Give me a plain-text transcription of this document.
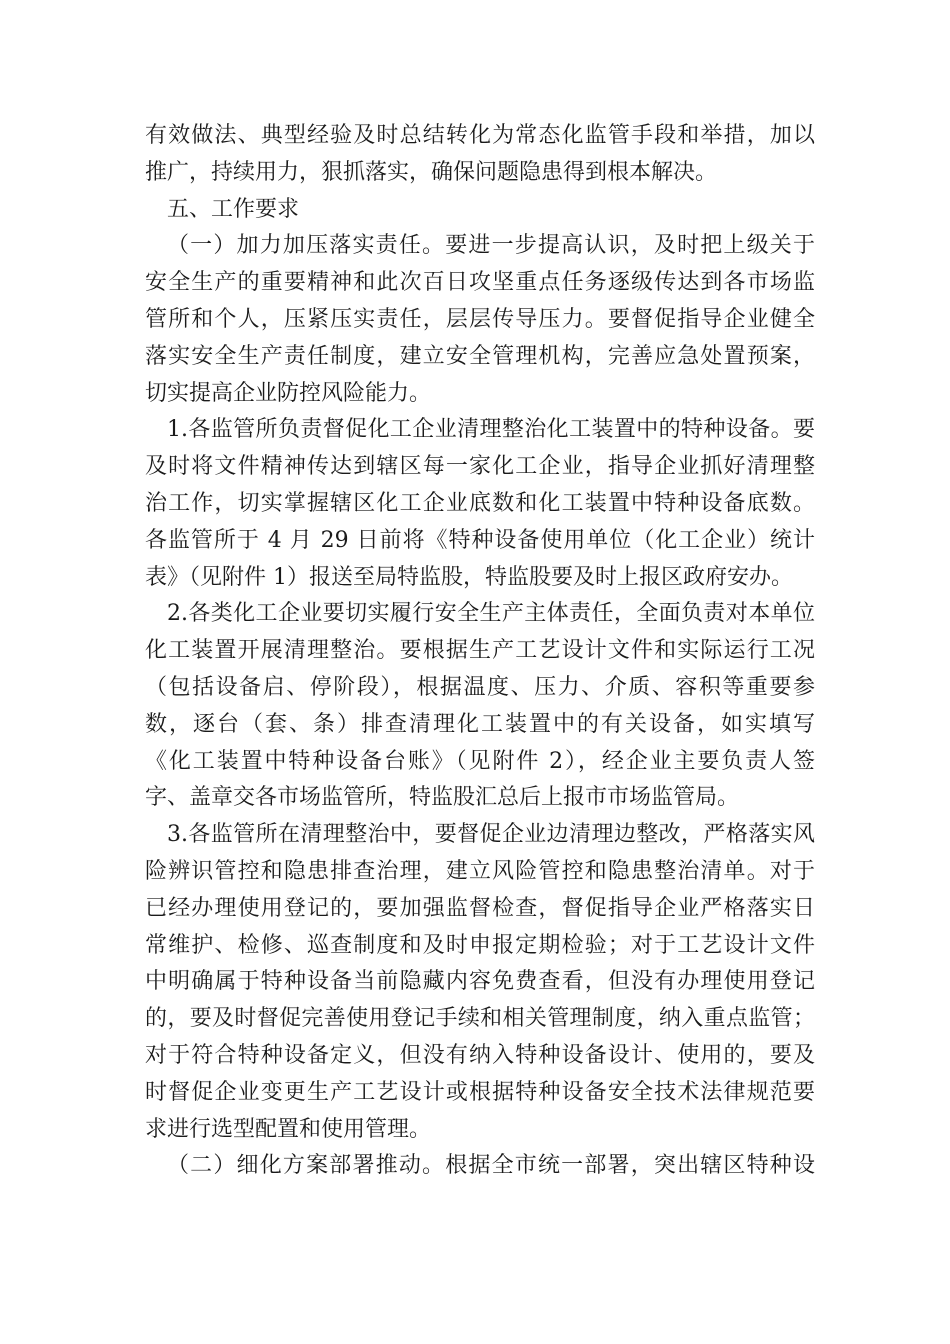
有效做法、典型经验及时总结转化为常态化监管手段和举措，加以
推广，持续用力，狠抓落实，确保问题隐患得到根本解决。
五、工作要求
（一）加力加压落实责任。要进一步提高认识，及时把上级关于
安全生产的重要精神和此次百日攻坚重点任务逐级传达到各市场监
管所和个人，压紧压实责任，层层传导压力。要督促指导企业健全
落实安全生产责任制度，建立安全管理机构，完善应急处置预案，
切实提高企业防控风险能力。
1.各监管所负责督促化工企业清理整治化工装置中的特种设备。要
及时将文件精神传达到辖区每一家化工企业，指导企业抓好清理整
治工作，切实掌握辖区化工企业底数和化工装置中特种设备底数。
各监管所于 4 月 29 日前将《特种设备使用单位（化工企业）统计
表》（见附件 1）报送至局特监股，特监股要及时上报区政府安办。
2.各类化工企业要切实履行安全生产主体责任，全面负责对本单位
化工装置开展清理整治。要根据生产工艺设计文件和实际运行工况
（包括设备启、停阶段），根据温度、压力、介质、容积等重要参
数，逐台（套、条）排查清理化工装置中的有关设备，如实填写
《化工装置中特种设备台账》（见附件 2），经企业主要负责人签
字、盖章交各市场监管所，特监股汇总后上报市市场监管局。
3.各监管所在清理整治中，要督促企业边清理边整改，严格落实风
险辨识管控和隐患排查治理，建立风险管控和隐患整治清单。对于
已经办理使用登记的，要加强监督检查，督促指导企业严格落实日
常维护、检修、巡查制度和及时申报定期检验；对于工艺设计文件
中明确属于特种设备当前隐藏内容免费查看，但没有办理使用登记
的，要及时督促完善使用登记手续和相关管理制度，纳入重点监管；
对于符合特种设备定义，但没有纳入特种设备设计、使用的，要及
时督促企业变更生产工艺设计或根据特种设备安全技术法律规范要
求进行选型配置和使用管理。
（二）细化方案部署推动。根据全市统一部署，突出辖区特种设
